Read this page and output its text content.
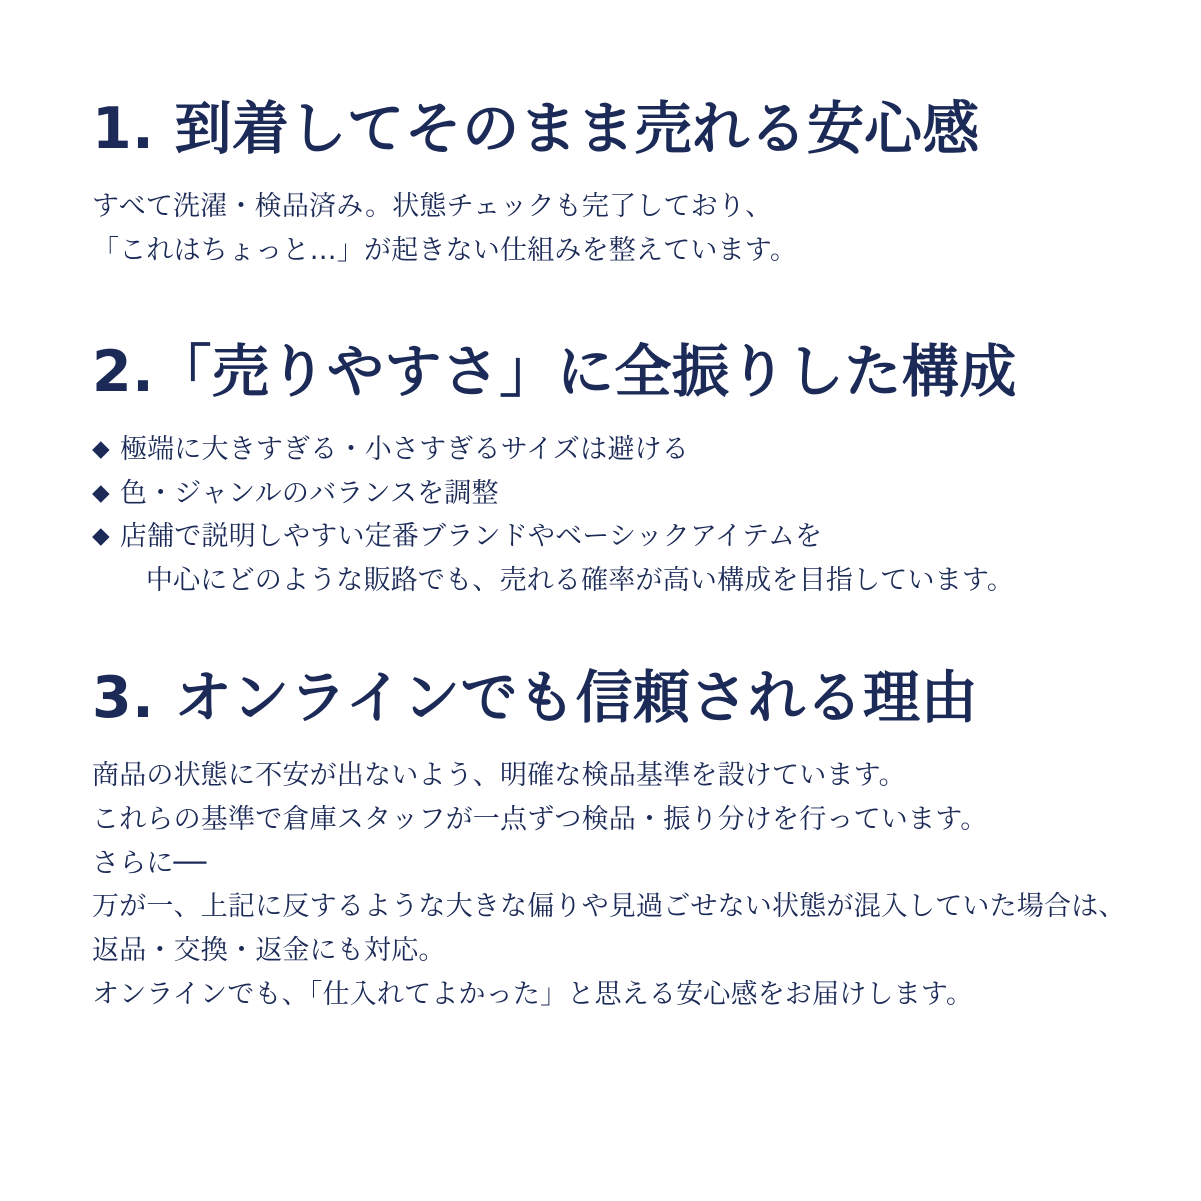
1. 到着してそのまま売れる安心感
すべて洗濯・検品済み。状態チェックも完了しており、
「これはちょっと…」が起きない仕組みを整えています。
2.「売りやすさ」に全振りした構成
◆ 極端に大きすぎる・小さすぎるサイズは避ける
◆ 色・ジャンルのバランスを調整
◆ 店舗で説明しやすい定番ブランドやベーシックアイテムを
中心にどのような販路でも、売れる確率が高い構成を目指しています。
3. オンラインでも信頼される理由
商品の状態に不安が出ないよう、明確な検品基準を設けています。
これらの基準で倉庫スタッフが一点ずつ検品・振り分けを行っています。
さらに──
万が一、上記に反するような大きな偏りや見過ごせない状態が混入していた場合は、
返品・交換・返金にも対応。
オンラインでも、「仕入れてよかった」と思える安心感をお届けします。
